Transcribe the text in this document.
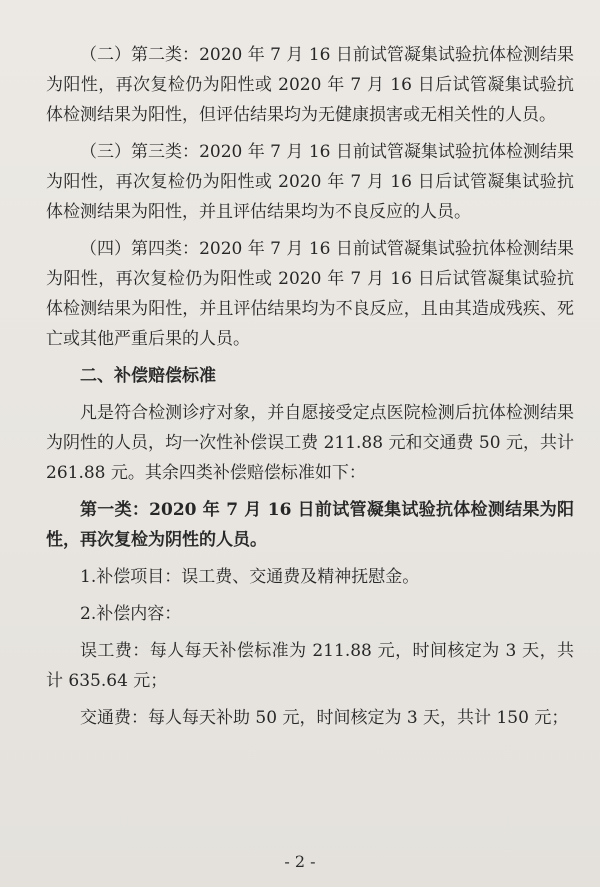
（二）第二类：2020 年 7 月 16 日前试管凝集试验抗体检测结果为阳性，再次复检仍为阳性或 2020 年 7 月 16 日后试管凝集试验抗体检测结果为阳性，但评估结果均为无健康损害或无相关性的人员。

（三）第三类：2020 年 7 月 16 日前试管凝集试验抗体检测结果为阳性，再次复检仍为阳性或 2020 年 7 月 16 日后试管凝集试验抗体检测结果为阳性，并且评估结果均为不良反应的人员。

（四）第四类：2020 年 7 月 16 日前试管凝集试验抗体检测结果为阳性，再次复检仍为阳性或 2020 年 7 月 16 日后试管凝集试验抗体检测结果为阳性，并且评估结果均为不良反应，且由其造成残疾、死亡或其他严重后果的人员。

二、补偿赔偿标准

凡是符合检测诊疗对象，并自愿接受定点医院检测后抗体检测结果为阴性的人员，均一次性补偿误工费 211.88 元和交通费 50 元，共计 261.88 元。其余四类补偿赔偿标准如下：

第一类：2020 年 7 月 16 日前试管凝集试验抗体检测结果为阳性，再次复检为阴性的人员。

1.补偿项目：误工费、交通费及精神抚慰金。

2.补偿内容：

误工费：每人每天补偿标准为 211.88 元，时间核定为 3 天，共计 635.64 元；

交通费：每人每天补助 50 元，时间核定为 3 天，共计 150 元；

- 2 -
